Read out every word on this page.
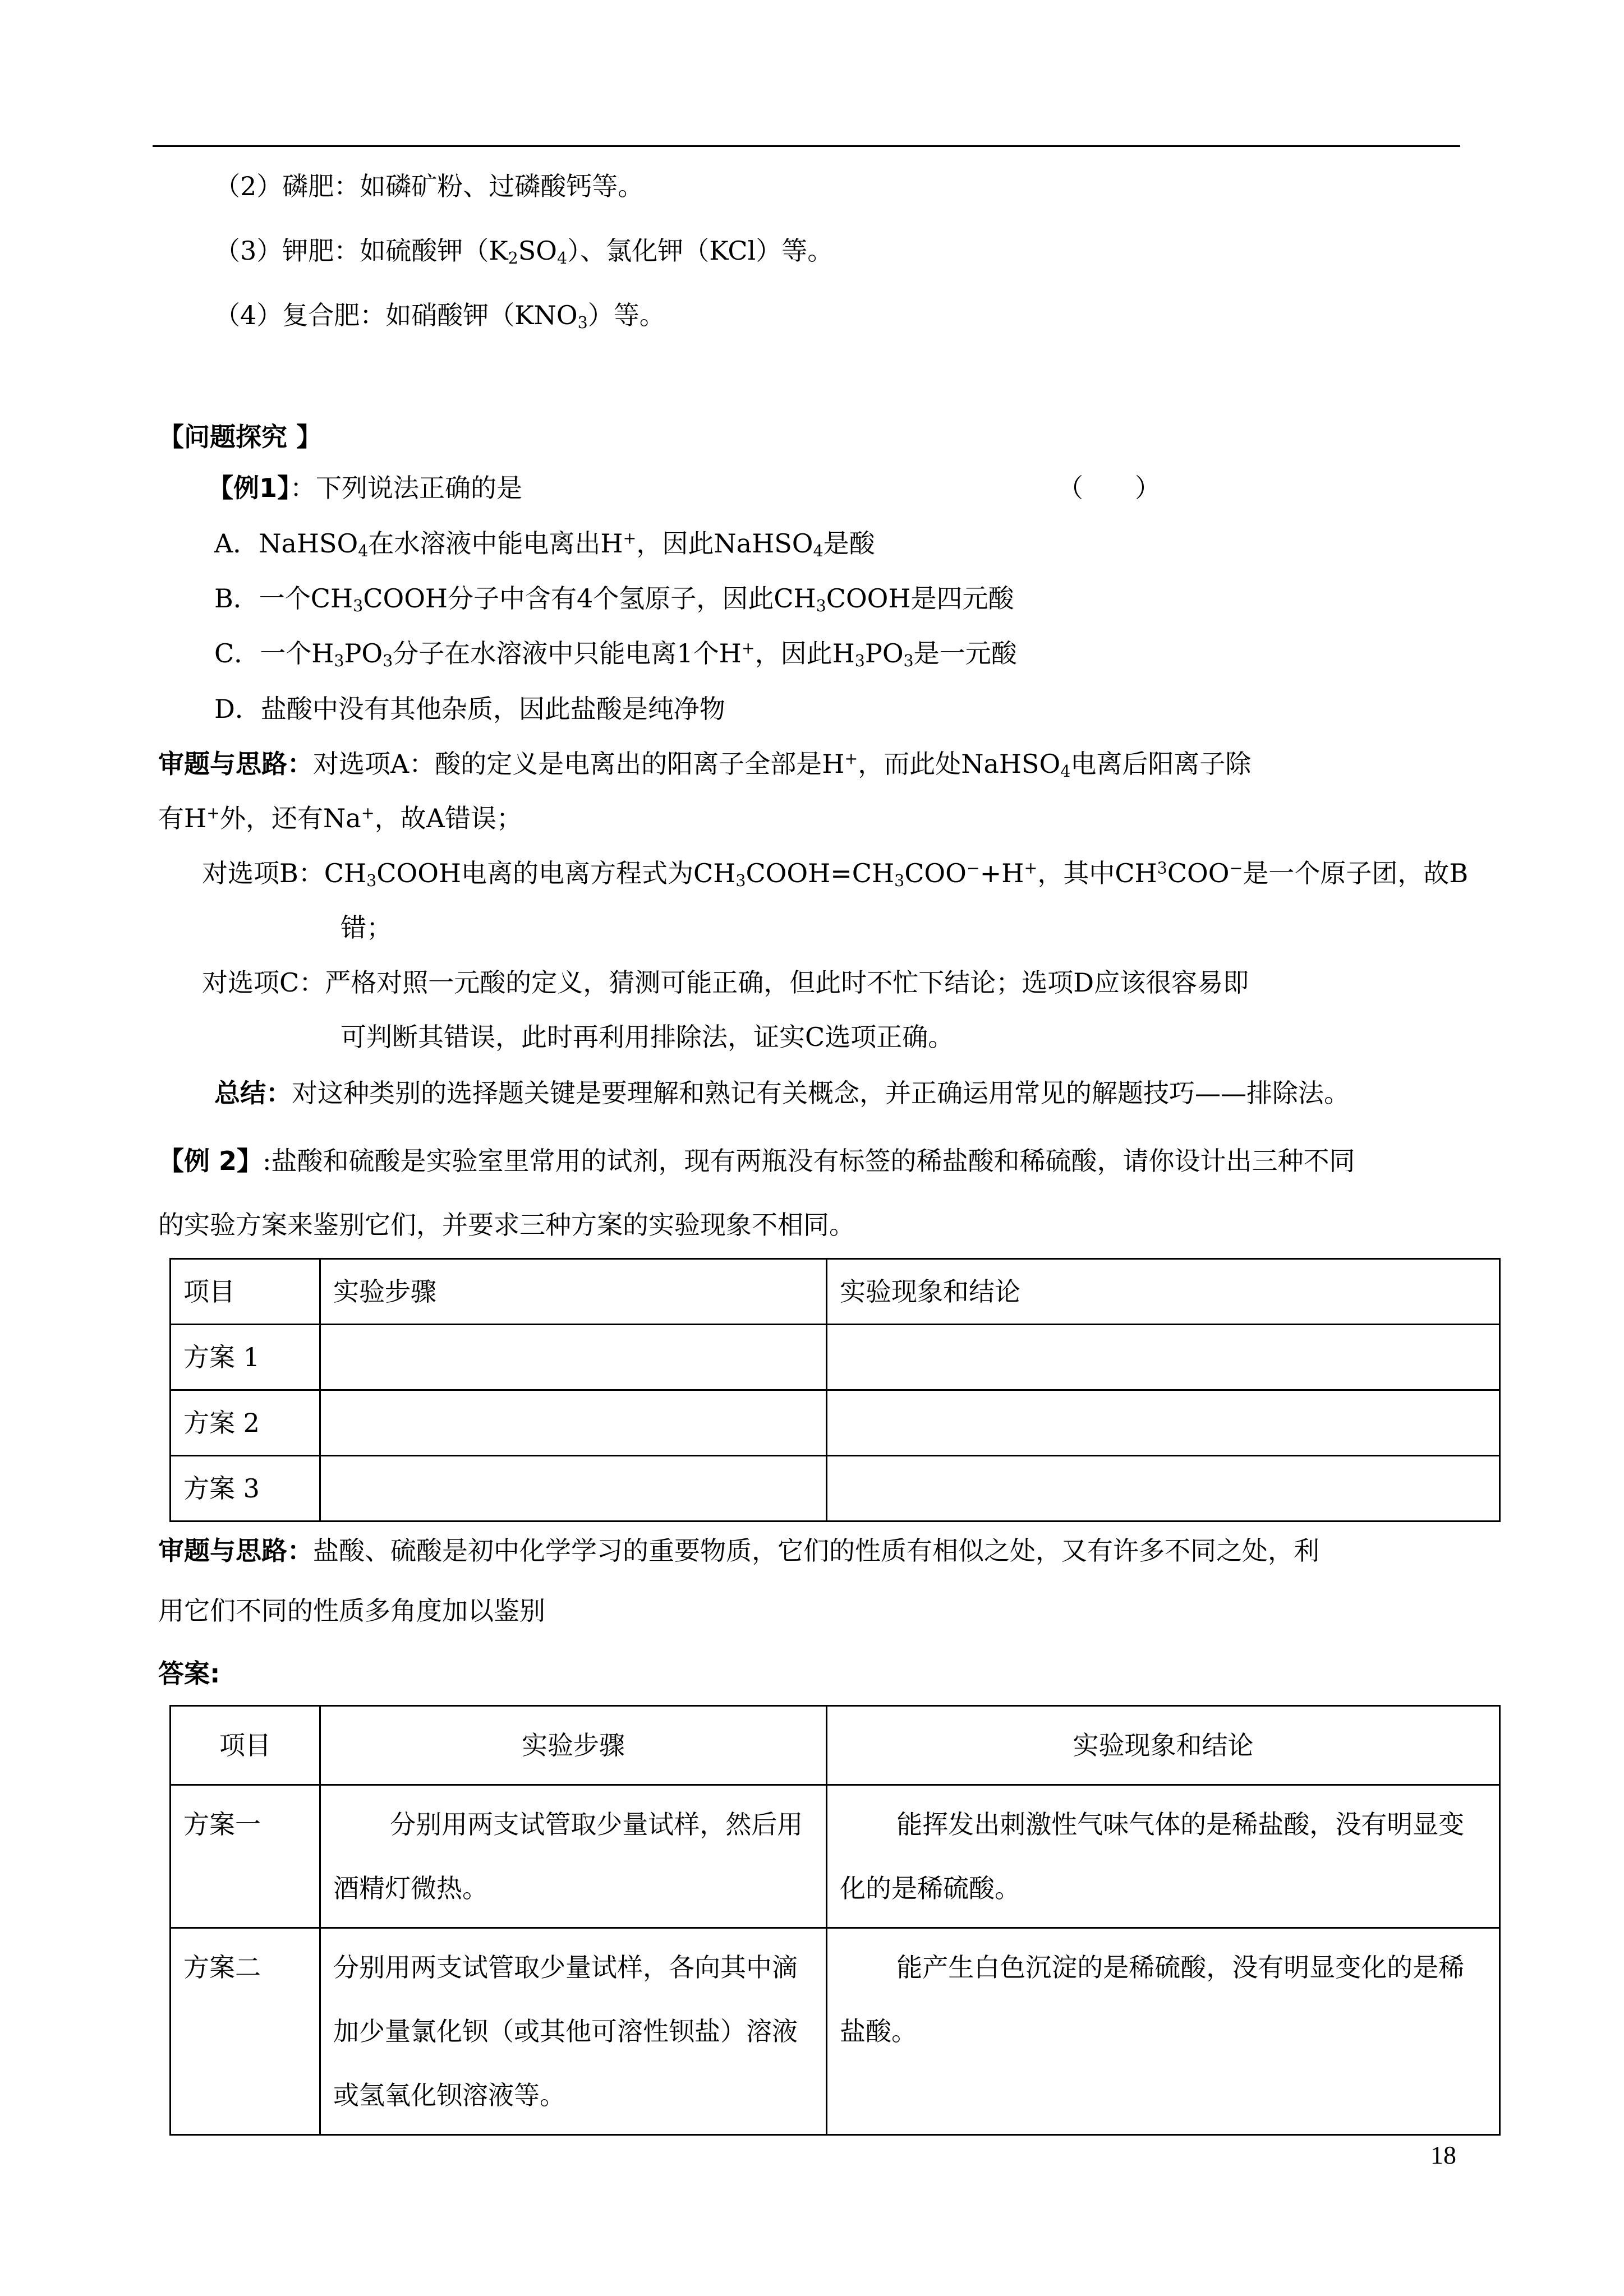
（2）磷肥：如磷矿粉、过磷酸钙等。
（3）钾肥：如硫酸钾$(K_2SO_4)$、氯化钾（KCl）等。
（4）复合肥：如硝酸钾$(KNO_3)$等。
【问题探究 】
【例1】：下列说法正确的是	（　　）
A．NaHSO$_4$在水溶液中能电离出H+，因此NaHSO$_4$是酸
B．一个$CH_3COOH$分子中含有4个氢原子，因此$CH_3COOH$是四元酸
C．一个$H_3PO_3$分子在水溶液中只能电离1个H+，因此$H_3PO_3$是一元酸
D．盐酸中没有其他杂质，因此盐酸是纯净物
审题与思路：对选项A：酸的定义是电离出的阳离子全部是H+，而此处NaHSO$_4$电离后阳离子除
有H+外，还有Na+，故A错误；
对选项B：$CH_3COOH$电离的电离方程式为$CH_3COOH=CH_3COO^-+H^+$，其中$CH^3COO^-$是一个原子团，故B
错；
对选项C：严格对照一元酸的定义，猜测可能正确，但此时不忙下结论；选项D应该很容易即
可判断其错误，此时再利用排除法，证实C选项正确。
总结：对这种类别的选择题关键是要理解和熟记有关概念，并正确运用常见的解题技巧——排除法。
【例 2】:盐酸和硫酸是实验室里常用的试剂，现有两瓶没有标签的稀盐酸和稀硫酸，请你设计出三种不同
的实验方案来鉴别它们，并要求三种方案的实验现象不相同。
项目	实验步骤	实验现象和结论
方案 1		
方案 2		
方案 3		
审题与思路：盐酸、硫酸是初中化学学习的重要物质，它们的性质有相似之处，又有许多不同之处，利
用它们不同的性质多角度加以鉴别
答案:
项目	实验步骤	实验现象和结论
方案一	分别用两支试管取少量试样，然后用酒精灯微热。	能挥发出刺激性气味气体的是稀盐酸，没有明显变化的是稀硫酸。
方案二	分别用两支试管取少量试样，各向其中滴加少量氯化钡（或其他可溶性钡盐）溶液或氢氧化钡溶液等。	能产生白色沉淀的是稀硫酸，没有明显变化的是稀盐酸。
18
